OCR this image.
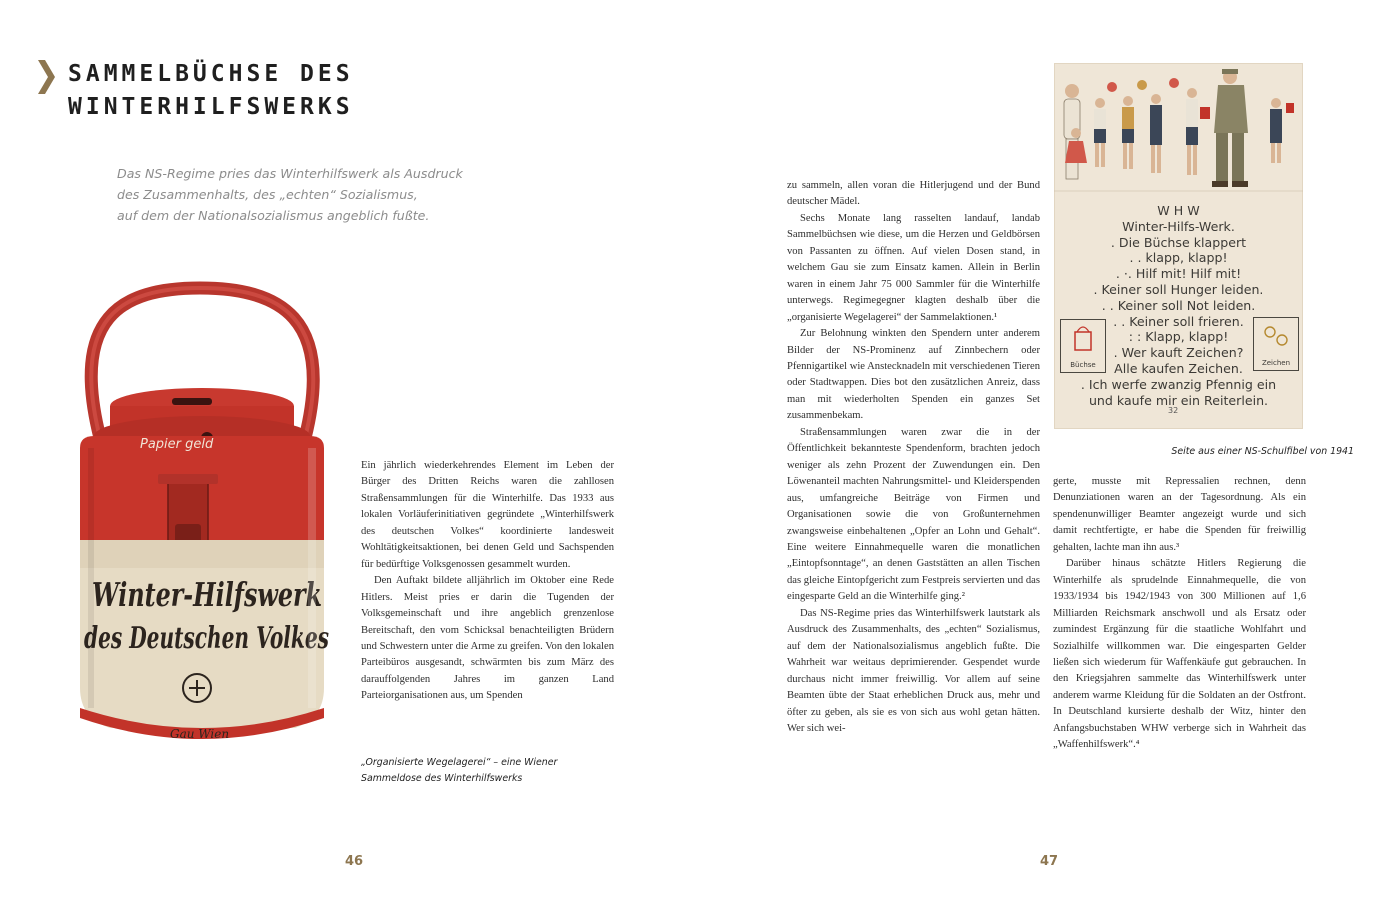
SAMMELBÜCHSE DES
WINTERHILFSWERKS
Das NS-Regime pries das Winterhilfswerk als Ausdruck
des Zusammenhalts, des „echten“ Sozialismus,
auf dem der Nationalsozialismus angeblich fußte.
Papier geld
Winter-Hilfswerk
des Deutschen Volkes
Gau Wien

Ein jährlich wiederkehrendes Element im Leben der Bürger des Dritten Reichs waren die zahllosen Straßensammlungen für die Winterhilfe. Das 1933 aus lokalen Vorläuferinitiativen gegründete „Winterhilfswerk des deutschen Volkes“ koordinierte landesweit Wohltätigkeitsaktionen, bei denen Geld und Sachspenden für bedürftige Volksgenossen gesammelt wurden.

Den Auftakt bildete alljährlich im Oktober eine Rede Hitlers. Meist pries er darin die Tugenden der Volksgemeinschaft und ihre angeblich grenzenlose Bereitschaft, den vom Schicksal benachteiligten Brüdern und Schwestern unter die Arme zu greifen. Von den lokalen Parteibüros ausgesandt, schwärmten bis zum März des darauffolgenden Jahres im ganzen Land Parteiorganisationen aus, um Spenden

zu sammeln, allen voran die Hitlerjugend und der Bund deutscher Mädel.

Sechs Monate lang rasselten landauf, landab Sammelbüchsen wie diese, um die Herzen und Geldbörsen von Passanten zu öffnen. Auf vielen Dosen stand, in welchem Gau sie zum Einsatz kamen. Allein in Berlin waren in einem Jahr 75 000 Sammler für die Winterhilfe unterwegs. Regimegegner klagten deshalb über die „organisierte Wegelagerei“ der Sammelaktionen.¹

Zur Belohnung winkten den Spendern unter anderem Bilder der NS-Prominenz auf Zinnbechern oder Pfennigartikel wie Anstecknadeln mit verschiedenen Tieren oder Stadtwappen. Dies bot den zusätzlichen Anreiz, dass man mit wiederholten Spenden ein ganzes Set zusammenbekam.

Straßensammlungen waren zwar die in der Öffentlichkeit bekannteste Spendenform, brachten jedoch weniger als zehn Prozent der Zuwendungen ein. Den Löwenanteil machten Nahrungsmittel- und Kleiderspenden aus, umfangreiche Beiträge von Firmen und Organisationen sowie die von Großunternehmen zwangsweise einbehaltenen „Opfer an Lohn und Gehalt“. Eine weitere Einnahmequelle waren die monatlichen „Eintopfsonntage“, an denen Gaststätten an allen Tischen das gleiche Eintopfgericht zum Festpreis servierten und das eingesparte Geld an die Winterhilfe ging.²

Das NS-Regime pries das Winterhilfswerk lautstark als Ausdruck des Zusammenhalts, des „echten“ Sozialismus, auf dem der Nationalsozialismus angeblich fußte. Die Wahrheit war weitaus deprimierender. Gespendet wurde durchaus nicht immer freiwillig. Vor allem auf seine Beamten übte der Staat erheblichen Druck aus, mehr und öfter zu geben, als sie es von sich aus wohl getan hätten. Wer sich wei-

gerte, musste mit Repressalien rechnen, denn Denunziationen waren an der Tagesordnung. Als ein spendenunwilliger Beamter angezeigt wurde und sich damit rechtfertigte, er habe die Spenden für freiwillig gehalten, lachte man ihn aus.³

Darüber hinaus schätzte Hitlers Regierung die Winterhilfe als sprudelnde Einnahmequelle, die von 1933/1934 bis 1942/1943 von 300 Millionen auf 1,6 Milliarden Reichsmark anschwoll und als Ersatz oder zumindest Ergänzung für die staatliche Wohlfahrt und Sozialhilfe willkommen war. Die eingesparten Gelder ließen sich wiederum für Waffenkäufe gut gebrauchen. In den Kriegsjahren sammelte das Winterhilfswerk unter anderem warme Kleidung für die Soldaten an der Ostfront. In Deutschland kursierte deshalb der Witz, hinter den Anfangsbuchstaben WHW verberge sich in Wahrheit das „Waffenhilfswerk“.⁴

„Organisierte Wegelagerei“ – eine Wiener
Sammeldose des Winterhilfswerks
Seite aus einer NS-Schulfibel von 1941
W H W
Winter-Hilfs-Werk.
. Die Büchse klappert
. . klapp, klapp!
. ·. Hilf mit! Hilf mit!
. Keiner soll Hunger leiden.
. . Keiner soll Not leiden.
. . Keiner soll frieren.
: : Klapp, klapp!
. Wer kauft Zeichen?
Alle kaufen Zeichen.
. Ich werfe zwanzig Pfennig ein
und kaufe mir ein Reiterlein.
Büchse	Zeichen
32
46	47
